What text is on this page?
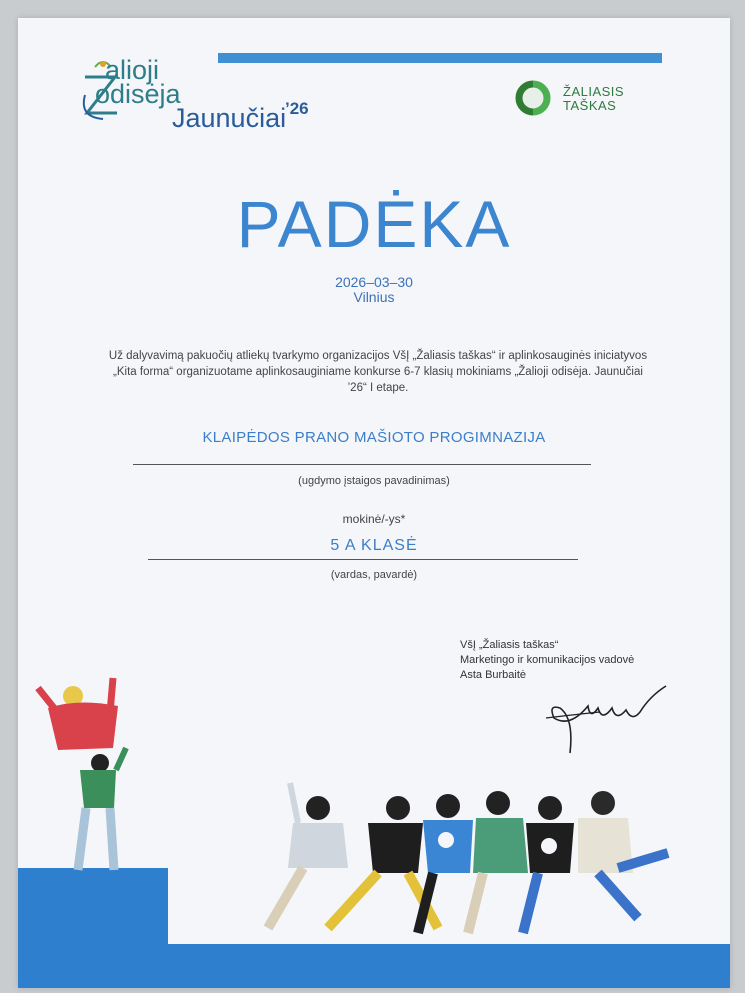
alioji
odisėja
Jaunučiai
’26
ŽALIASIS
TAŠKAS
PADĖKA
2026–03–30
Vilnius
Už dalyvavimą pakuočių atliekų tvarkymo organizacijos VšĮ „Žaliasis taškas“ ir aplinkosauginės iniciatyvos „Kita forma“ organizuotame aplinkosauginiame konkurse 6-7 klasių mokiniams „Žalioji odisėja. Jaunučiai ’26“ I etape.
KLAIPĖDOS PRANO MAŠIOTO PROGIMNAZIJA
(ugdymo įstaigos pavadinimas)
mokinė/-ys*
5 A KLASĖ
(vardas, pavardė)
VšĮ „Žaliasis taškas“
Marketingo ir komunikacijos vadovė
Asta Burbaitė
